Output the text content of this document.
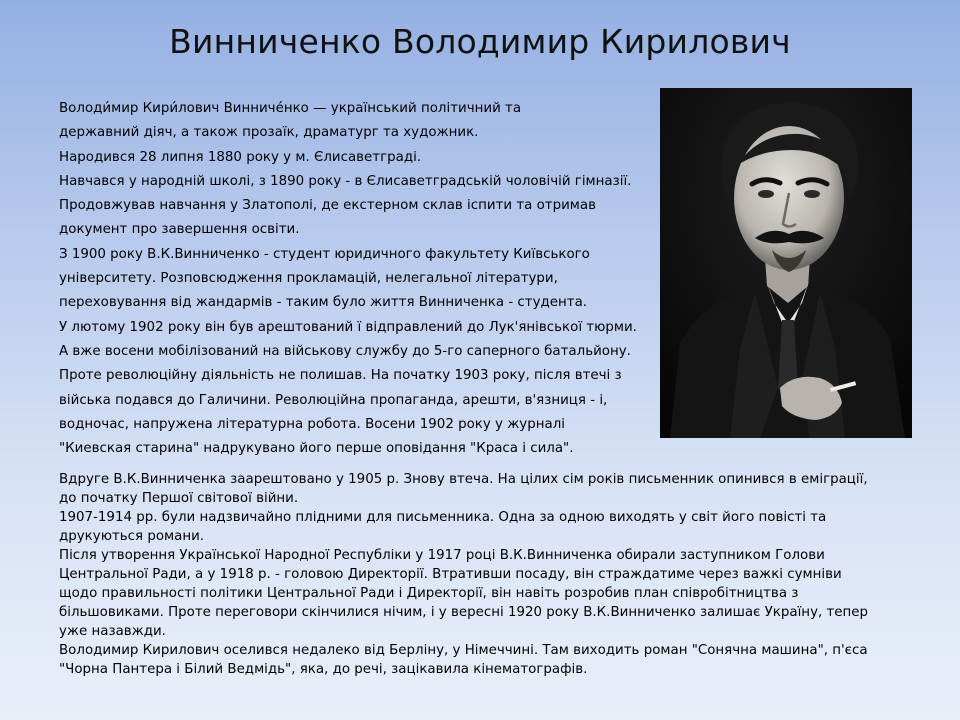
Винниченко Володимир Кирилович
Володи́мир Кири́лович Винниче́нко — український політичний та
державний діяч, а також прозаїк, драматург та художник.
Народився 28 липня 1880 року у м. Єлисаветграді.
Навчався у народній школі, з 1890 року - в Єлисаветградській чоловічій гімназії.
Продовжував навчання у Златополі, де екстерном склав іспити та отримав
документ про завершення освіти.
З 1900 року В.К.Винниченко - студент юридичного факультету Київського
університету. Розповсюдження прокламацій, нелегальної літератури,
переховування від жандармів - таким було життя Винниченка - студента.
У лютому 1902 року він був арештований ї відправлений до Лук'янівської тюрми.
А вже восени мобілізований на військову службу до 5-го саперного батальйону.
Проте революційну діяльність не полишав. На початку 1903 року, після втечі з
війська подався до Галичини. Революційна пропаганда, арешти, в'язниця - і,
водночас, напружена літературна робота. Восени 1902 року у журналі
"Киевская старина" надрукувано його перше оповідання "Краса і сила".
Вдруге В.К.Винниченка заарештовано у 1905 р. Знову втеча. На цілих сім років письменник опинився в еміграції,
до початку Першої світової війни.
1907-1914 рр. були надзвичайно плідними для письменника. Одна за одною виходять у світ його повісті та
друкуються романи.
Після утворення Української Народної Республіки у 1917 році В.К.Винниченка обирали заступником Голови
Центральної Ради, а у 1918 р. - головою Директорії. Втративши посаду, він страждатиме через важкі сумніви
щодо правильності політики Центральної Ради і Директорії, він навіть розробив план співробітництва з
більшовиками. Проте переговори скінчилися нічим, і у вересні 1920 року В.К.Винниченко залишає Україну, тепер
уже назавжди.
Володимир Кирилович оселився недалеко від Берліну, у Німеччині. Там виходить роман "Сонячна машина", п'єса
"Чорна Пантера і Білий Ведмідь", яка, до речі, зацікавила кінематографів.
